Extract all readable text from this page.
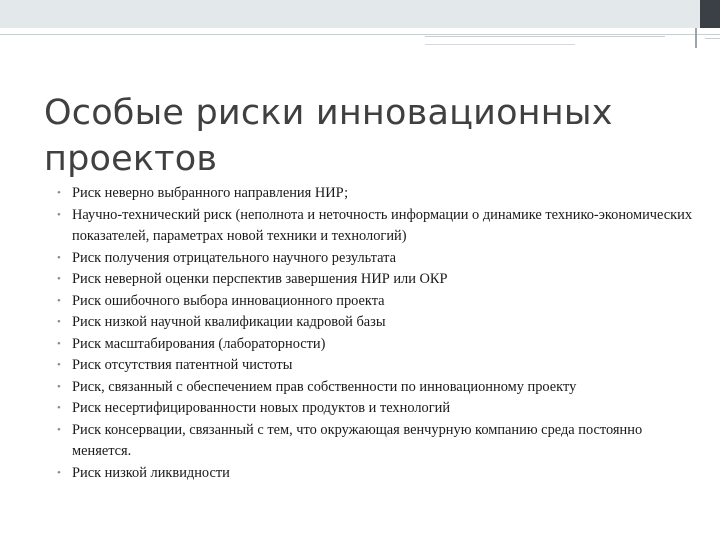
Особые риски инновационных проектов
• Риск неверно выбранного направления НИР;
• Научно-технический риск (неполнота и неточность информации о динамике технико-экономических показателей, параметрах новой техники и технологий)
• Риск получения отрицательного научного результата
• Риск неверной оценки перспектив завершения НИР или ОКР
• Риск ошибочного выбора инновационного проекта
• Риск низкой научной квалификации кадровой базы
• Риск масштабирования (лабораторности)
• Риск отсутствия патентной чистоты
• Риск, связанный с обеспечением прав собственности по инновационному проекту
• Риск несертифицированности новых продуктов и технологий
• Риск консервации, связанный с тем, что окружающая венчурную компанию среда постоянно меняется.
• Риск низкой ликвидности
